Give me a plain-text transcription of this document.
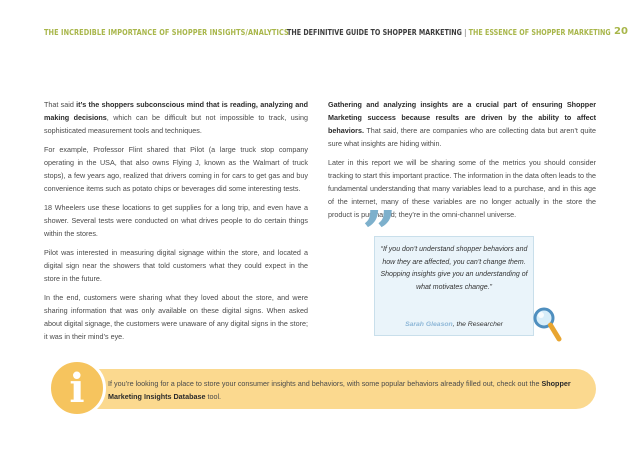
THE INCREDIBLE IMPORTANCE OF SHOPPER INSIGHTS/ANALYTICS
THE DEFINITIVE GUIDE TO SHOPPER MARKETING | THE ESSENCE OF SHOPPER MARKETING 20

That said it’s the shoppers subconscious mind that is reading, analyzing and making decisions, which can be difficult but not impossible to track, using sophisticated measurement tools and techniques.

For example, Professor Flint shared that Pilot (a large truck stop company operating in the USA, that also owns Flying J, known as the Walmart of truck stops), a few years ago, realized that drivers coming in for cars to get gas and buy convenience items such as potato chips or beverages did some interesting tests.

18 Wheelers use these locations to get supplies for a long trip, and even have a shower. Several tests were conducted on what drives people to do certain things within the stores.

Pilot was interested in measuring digital signage within the store, and located a digital sign near the showers that told customers what they could expect in the store in the future.

In the end, customers were sharing what they loved about the store, and were sharing information that was only available on these digital signs. When asked about digital signage, the customers were unaware of any digital signs in the store; it was in their mind’s eye.

Gathering and analyzing insights are a crucial part of ensuring Shopper Marketing success because results are driven by the ability to affect behaviors. That said, there are companies who are collecting data but aren’t quite sure what insights are hiding within.

Later in this report we will be sharing some of the metrics you should consider tracking to start this important practice. The information in the data often leads to the fundamental understanding that many variables lead to a purchase, and in this age of the internet, many of these variables are no longer actually in the store the product is purchased; they’re in the omni-channel universe.

”
“If you don’t understand shopper behaviors and how they are affected, you can’t change them. Shopping insights give you an understanding of what motivates change.”
Sarah Gleason, the Researcher
i	If you’re looking for a place to store your consumer insights and behaviors, with some popular behaviors already filled out, check out the Shopper Marketing Insights Database tool.
